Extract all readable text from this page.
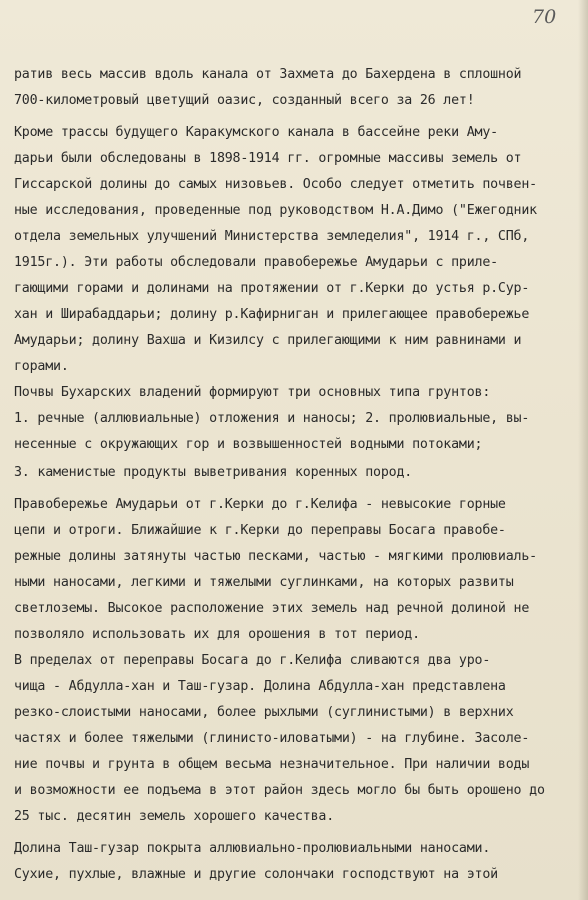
70
ратив весь массив вдоль канала от Захмета до Бахердена в сплошной
700-километровый цветущий оазис, созданный всего за 26 лет!
Кроме трассы будущего Каракумского канала в бассейне реки Аму-
дарьи были обследованы в 1898-1914 гг. огромные массивы земель от
Гиссарской долины до самых низовьев. Особо следует отметить почвен-
ные исследования, проведенные под руководством Н.А.Димо ("Ежегодник
отдела земельных улучшений Министерства земледелия", 1914 г., СПб,
1915г.). Эти работы обследовали правобережье Амударьи с приле-
гающими горами и долинами на протяжении от г.Керки до устья р.Сур-
хан и Ширабаддарьи; долину р.Кафирниган и прилегающее правобережье
Амударьи; долину Вахша и Кизилсу с прилегающими к ним равнинами и
горами.
Почвы Бухарских владений формируют три основных типа грунтов:
1. речные (аллювиальные) отложения и наносы; 2. пролювиальные, вы-
несенные с окружающих гор и возвышенностей водными потоками;
3. каменистые продукты выветривания коренных пород.
Правобережье Амударьи от г.Керки до г.Келифа - невысокие горные
цепи и отроги. Ближайшие к г.Керки до переправы Босага правобе-
режные долины затянуты частью песками, частью - мягкими пролювиаль-
ными наносами, легкими и тяжелыми суглинками, на которых развиты
светлоземы. Высокое расположение этих земель над речной долиной не
позволяло использовать их для орошения в тот период.
В пределах от переправы Босага до г.Келифа сливаются два уро-
чища - Абдулла-хан и Таш-гузар. Долина Абдулла-хан представлена
резко-слоистыми наносами, более рыхлыми (суглинистыми) в верхних
частях и более тяжелыми (глинисто-иловатыми) - на глубине. Засоле-
ние почвы и грунта в общем весьма незначительное. При наличии воды
и возможности ее подъема в этот район здесь могло бы быть орошено до
25 тыс. десятин земель хорошего качества.
Долина Таш-гузар покрыта аллювиально-пролювиальными наносами.
Сухие, пухлые, влажные и другие солончаки господствуют на этой
